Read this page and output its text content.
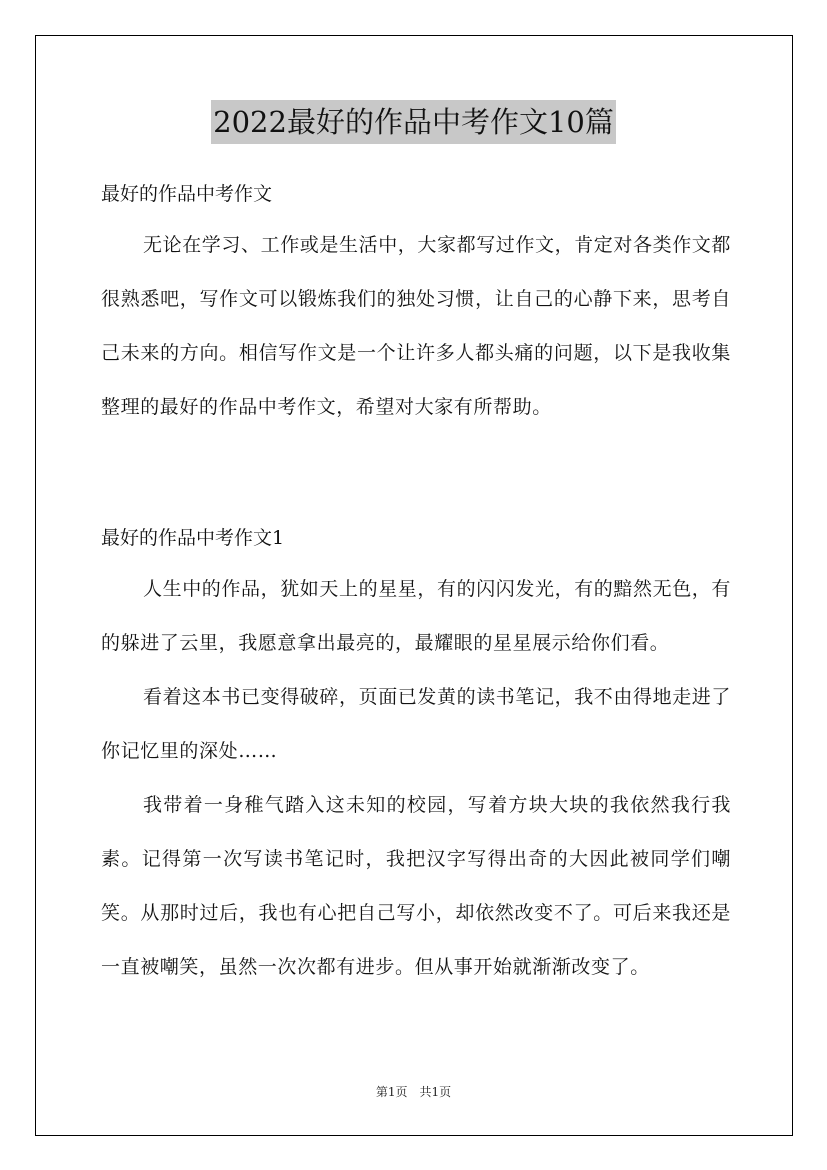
2022最好的作品中考作文10篇

最好的作品中考作文

无论在学习、工作或是生活中，大家都写过作文，肯定对各类作文都很熟悉吧，写作文可以锻炼我们的独处习惯，让自己的心静下来，思考自己未来的方向。相信写作文是一个让许多人都头痛的问题，以下是我收集整理的最好的作品中考作文，希望对大家有所帮助。

最好的作品中考作文1

人生中的作品，犹如天上的星星，有的闪闪发光，有的黯然无色，有的躲进了云里，我愿意拿出最亮的，最耀眼的星星展示给你们看。

看着这本书已变得破碎，页面已发黄的读书笔记，我不由得地走进了你记忆里的深处……

我带着一身稚气踏入这未知的校园，写着方块大块的我依然我行我素。记得第一次写读书笔记时，我把汉字写得出奇的大因此被同学们嘲笑。从那时过后，我也有心把自己写小，却依然改变不了。可后来我还是一直被嘲笑，虽然一次次都有进步。但从事开始就渐渐改变了。

第1页　共1页
